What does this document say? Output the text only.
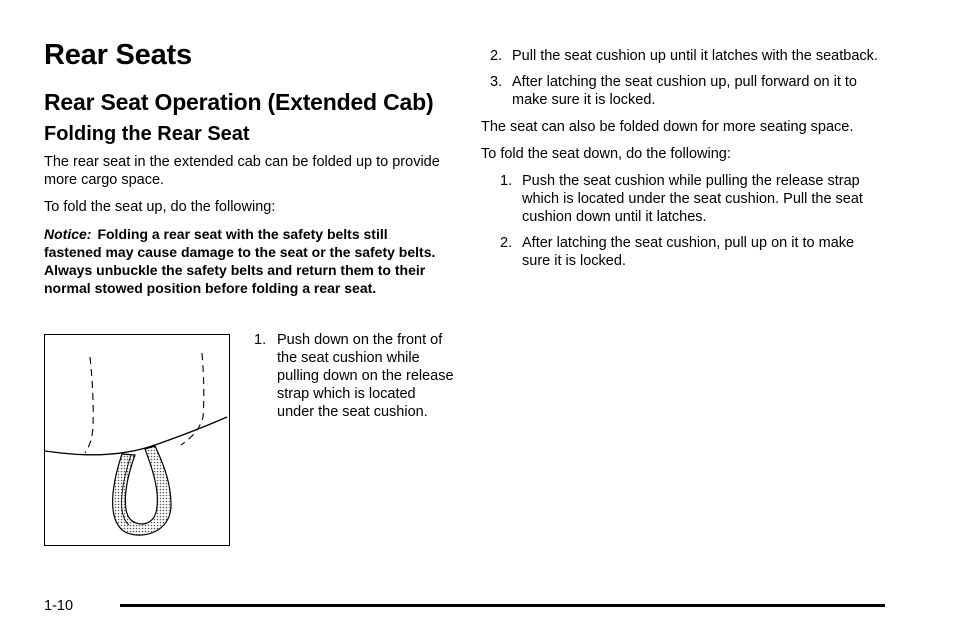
Rear Seats
Rear Seat Operation (Extended Cab)
Folding the Rear Seat

The rear seat in the extended cab can be folded up to provide more cargo space.

To fold the seat up, do the following:

Notice: Folding a rear seat with the safety belts still fastened may cause damage to the seat or the safety belts. Always unbuckle the safety belts and return them to their normal stowed position before folding a rear seat.

1. Push down on the front of the seat cushion while pulling down on the release strap which is located under the seat cushion.
2. Pull the seat cushion up until it latches with the seatback.
3. After latching the seat cushion up, pull forward on it to make sure it is locked.

The seat can also be folded down for more seating space.

To fold the seat down, do the following:

1. Push the seat cushion while pulling the release strap which is located under the seat cushion. Pull the seat cushion down until it latches.
2. After latching the seat cushion, pull up on it to make sure it is locked.
1-10
